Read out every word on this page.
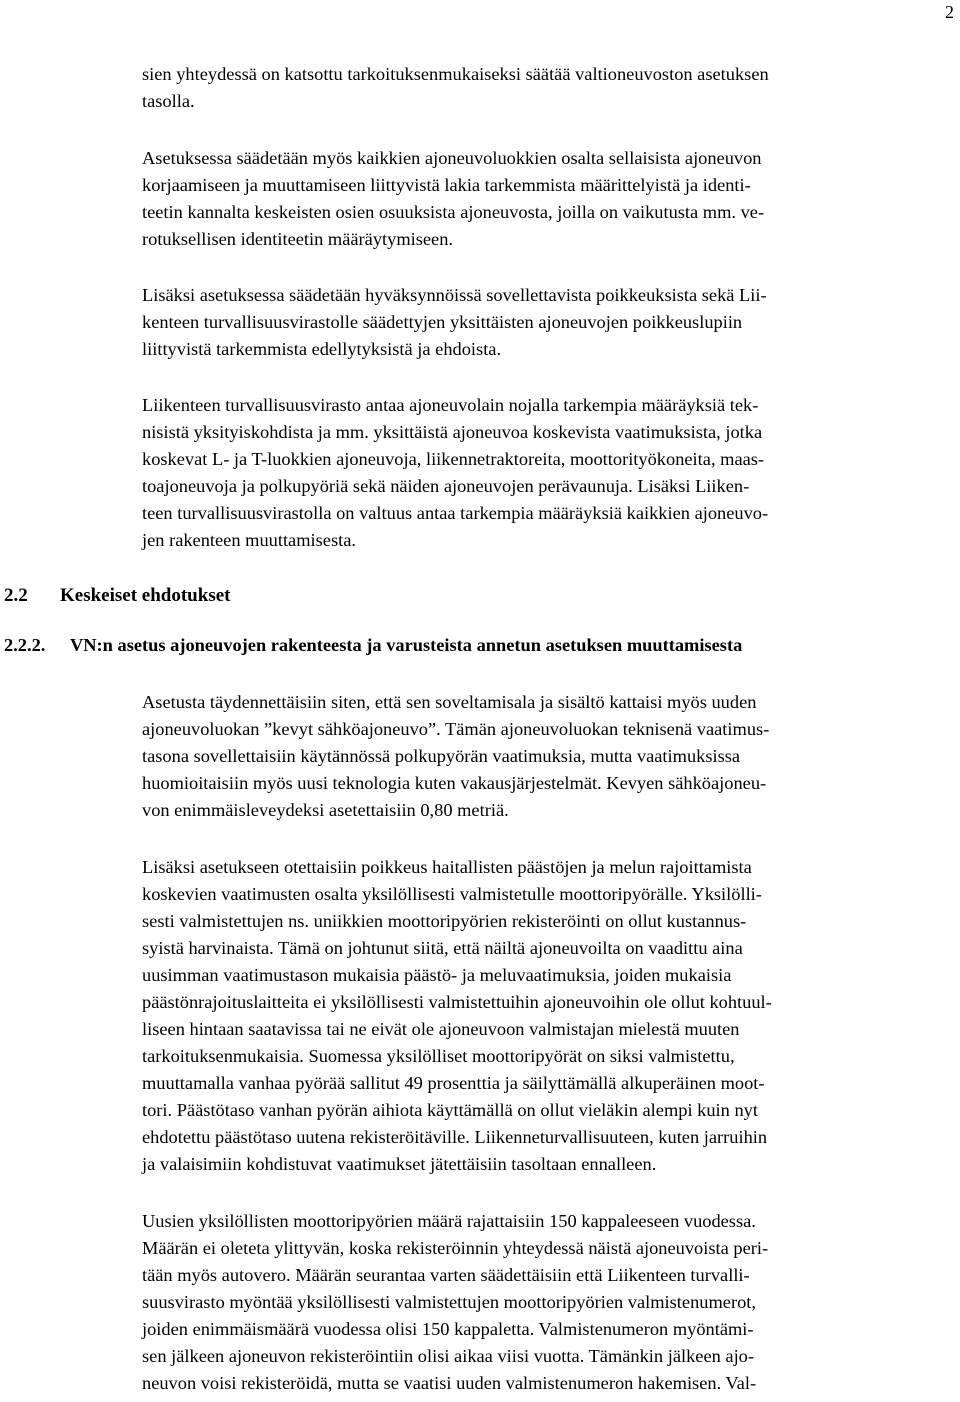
2

sien yhteydessä on katsottu tarkoituksenmukaiseksi säätää valtioneuvoston asetuksen
tasolla.

Asetuksessa säädetään myös kaikkien ajoneuvoluokkien osalta sellaisista ajoneuvon
korjaamiseen ja muuttamiseen liittyvistä lakia tarkemmista määrittelyistä ja identi-
teetin kannalta keskeisten osien osuuksista ajoneuvosta, joilla on vaikutusta mm. ve-
rotuksellisen identiteetin määräytymiseen.

Lisäksi asetuksessa säädetään hyväksynnöissä sovellettavista poikkeuksista sekä Lii-
kenteen turvallisuusvirastolle säädettyjen yksittäisten ajoneuvojen poikkeuslupiin
liittyvistä tarkemmista edellytyksistä ja ehdoista.

Liikenteen turvallisuusvirasto antaa ajoneuvolain nojalla tarkempia määräyksiä tek-
nisistä yksityiskohdista ja mm. yksittäistä ajoneuvoa koskevista vaatimuksista, jotka
koskevat L- ja T-luokkien ajoneuvoja, liikennetraktoreita, moottorityökoneita, maas-
toajoneuvoja ja polkupyöriä sekä näiden ajoneuvojen perävaunuja. Lisäksi Liiken-
teen turvallisuusvirastolla on valtuus antaa tarkempia määräyksiä kaikkien ajoneuvo-
jen rakenteen muuttamisesta.

2.2 Keskeiset ehdotukset
2.2.2. VN:n asetus ajoneuvojen rakenteesta ja varusteista annetun asetuksen muuttamisesta

Asetusta täydennettäisiin siten, että sen soveltamisala ja sisältö kattaisi myös uuden
ajoneuvoluokan ”kevyt sähköajoneuvo”. Tämän ajoneuvoluokan teknisenä vaatimus-
tasona sovellettaisiin käytännössä polkupyörän vaatimuksia, mutta vaatimuksissa
huomioitaisiin myös uusi teknologia kuten vakausjärjestelmät. Kevyen sähköajoneu-
von enimmäisleveydeksi asetettaisiin 0,80 metriä.

Lisäksi asetukseen otettaisiin poikkeus haitallisten päästöjen ja melun rajoittamista
koskevien vaatimusten osalta yksilöllisesti valmistetulle moottoripyörälle. Yksilölli-
sesti valmistettujen ns. uniikkien moottoripyörien rekisteröinti on ollut kustannus-
syistä harvinaista. Tämä on johtunut siitä, että näiltä ajoneuvoilta on vaadittu aina
uusimman vaatimustason mukaisia päästö- ja meluvaatimuksia, joiden mukaisia
päästönrajoituslaitteita ei yksilöllisesti valmistettuihin ajoneuvoihin ole ollut kohtuul-
liseen hintaan saatavissa tai ne eivät ole ajoneuvoon valmistajan mielestä muuten
tarkoituksenmukaisia. Suomessa yksilölliset moottoripyörät on siksi valmistettu,
muuttamalla vanhaa pyörää sallitut 49 prosenttia ja säilyttämällä alkuperäinen moot-
tori. Päästötaso vanhan pyörän aihiota käyttämällä on ollut vieläkin alempi kuin nyt
ehdotettu päästötaso uutena rekisteröitäville. Liikenneturvallisuuteen, kuten jarruihin
ja valaisimiin kohdistuvat vaatimukset jätettäisiin tasoltaan ennalleen.

Uusien yksilöllisten moottoripyörien määrä rajattaisiin 150 kappaleeseen vuodessa.
Määrän ei oleteta ylittyvän, koska rekisteröinnin yhteydessä näistä ajoneuvoista peri-
tään myös autovero. Määrän seurantaa varten säädettäisiin että Liikenteen turvalli-
suusvirasto myöntää yksilöllisesti valmistettujen moottoripyörien valmistenumerot,
joiden enimmäismäärä vuodessa olisi 150 kappaletta. Valmistenumeron myöntämi-
sen jälkeen ajoneuvon rekisteröintiin olisi aikaa viisi vuotta. Tämänkin jälkeen ajo-
neuvon voisi rekisteröidä, mutta se vaatisi uuden valmistenumeron hakemisen. Val-
